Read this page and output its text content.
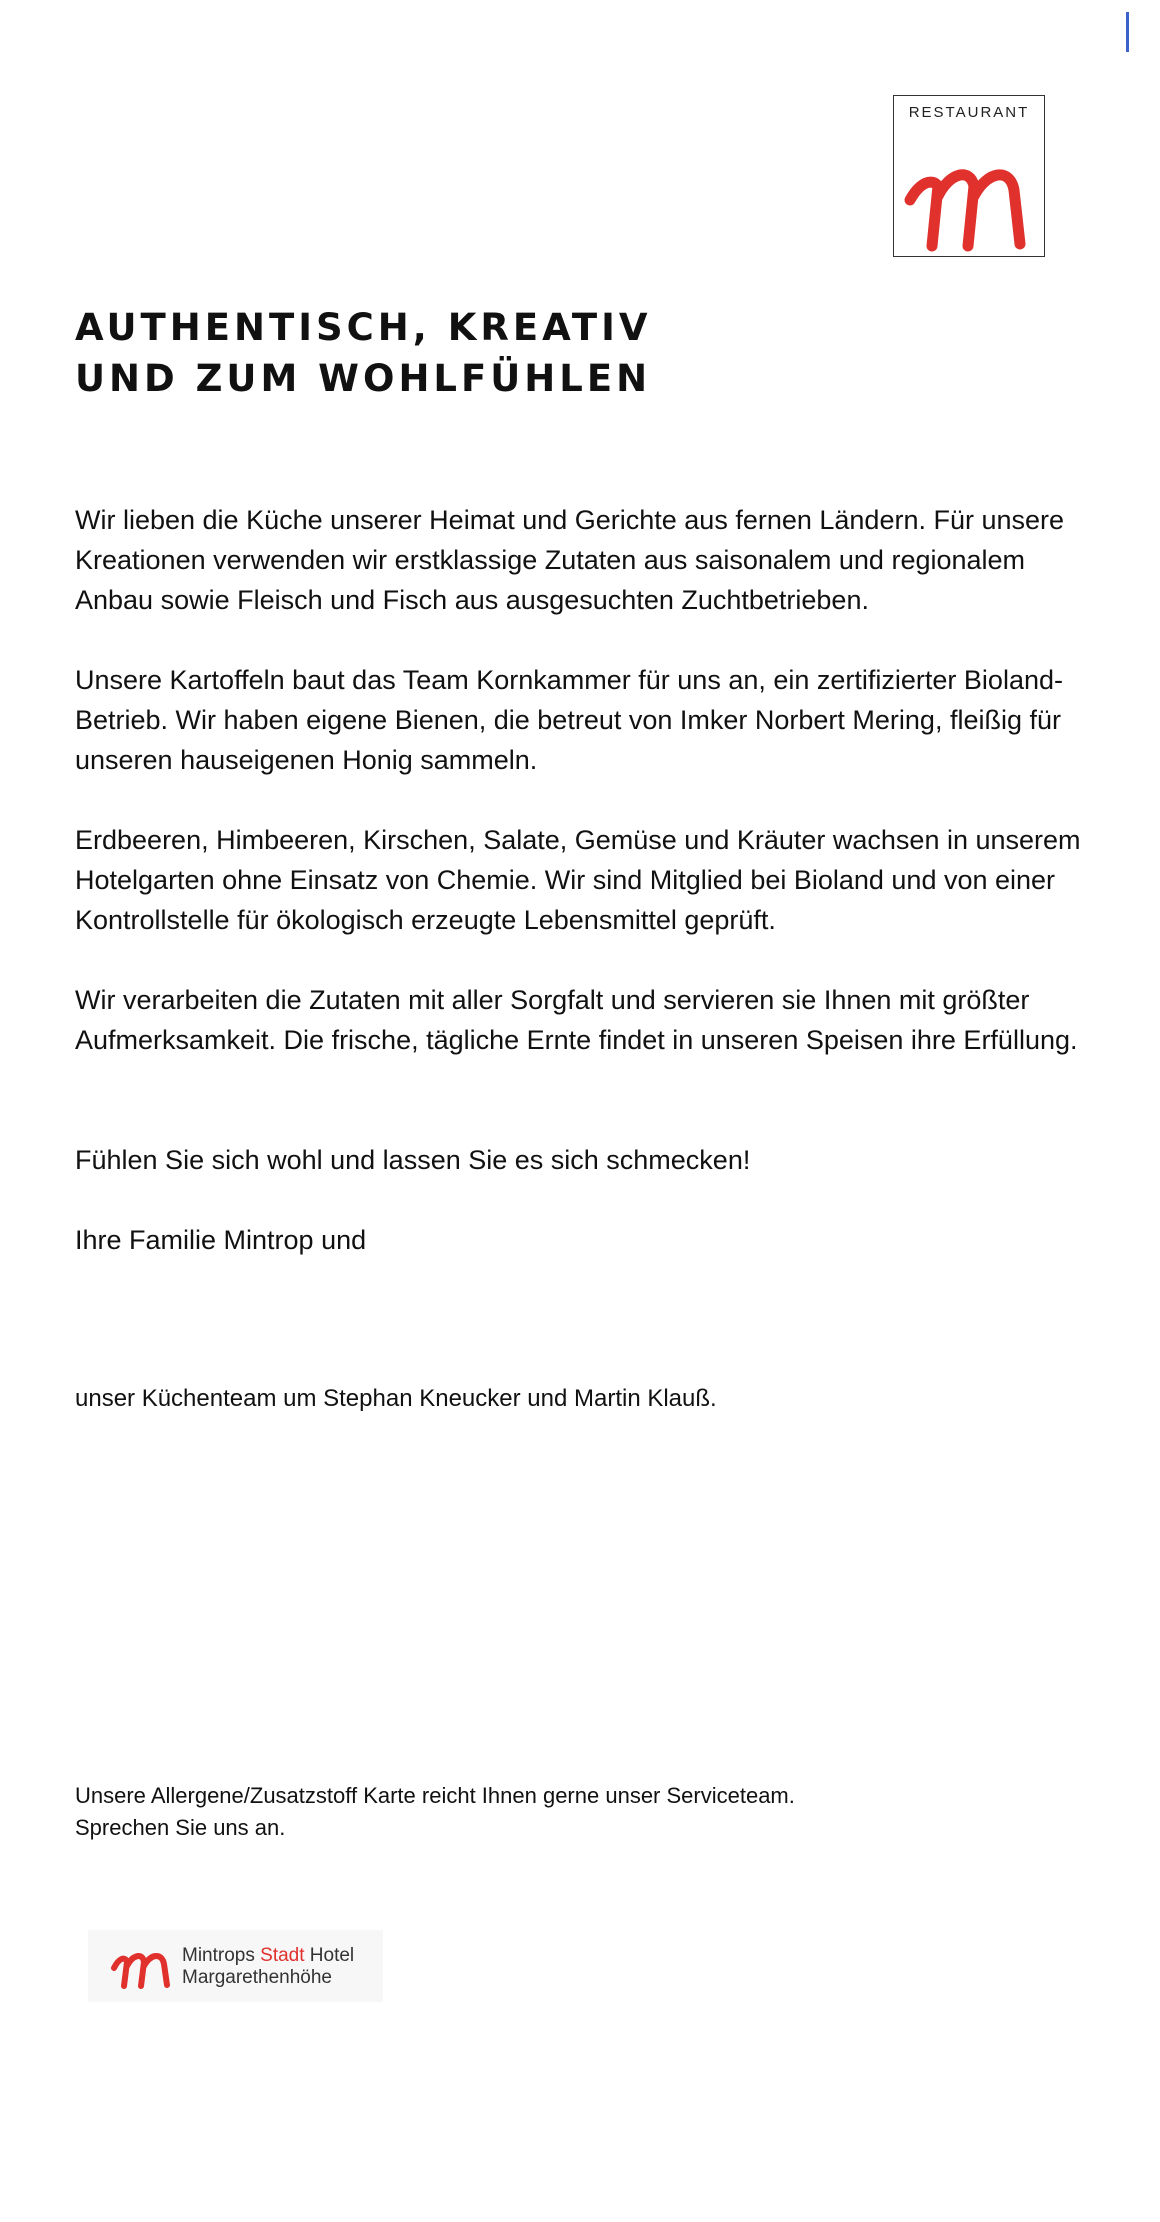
RESTAURANT
AUTHENTISCH, KREATIV
UND ZUM WOHLFÜHLEN

Wir lieben die Küche unserer Heimat und Gerichte aus fernen Ländern. Für unsere Kreationen verwenden wir erstklassige Zutaten aus saisonalem und regionalem Anbau sowie Fleisch und Fisch aus ausgesuchten Zuchtbetrieben.

Unsere Kartoffeln baut das Team Kornkammer für uns an, ein zertifizierter Bioland-Betrieb. Wir haben eigene Bienen, die betreut von Imker Norbert Mering, fleißig für unseren hauseigenen Honig sammeln.

Erdbeeren, Himbeeren, Kirschen, Salate, Gemüse und Kräuter wachsen in unserem Hotelgarten ohne Einsatz von Chemie. Wir sind Mitglied bei Bioland und von einer Kontrollstelle für ökologisch erzeugte Lebensmittel geprüft.

Wir verarbeiten die Zutaten mit aller Sorgfalt und servieren sie Ihnen mit größter Aufmerksamkeit. Die frische, tägliche Ernte findet in unseren Speisen ihre Erfüllung.

Fühlen Sie sich wohl und lassen Sie es sich schmecken!

Ihre Familie Mintrop und

unser Küchenteam um Stephan Kneucker und Martin Klauß.

Unsere Allergene/Zusatzstoff Karte reicht Ihnen gerne unser Serviceteam.
Sprechen Sie uns an.

Mintrops Stadt Hotel
Margarethenhöhe
